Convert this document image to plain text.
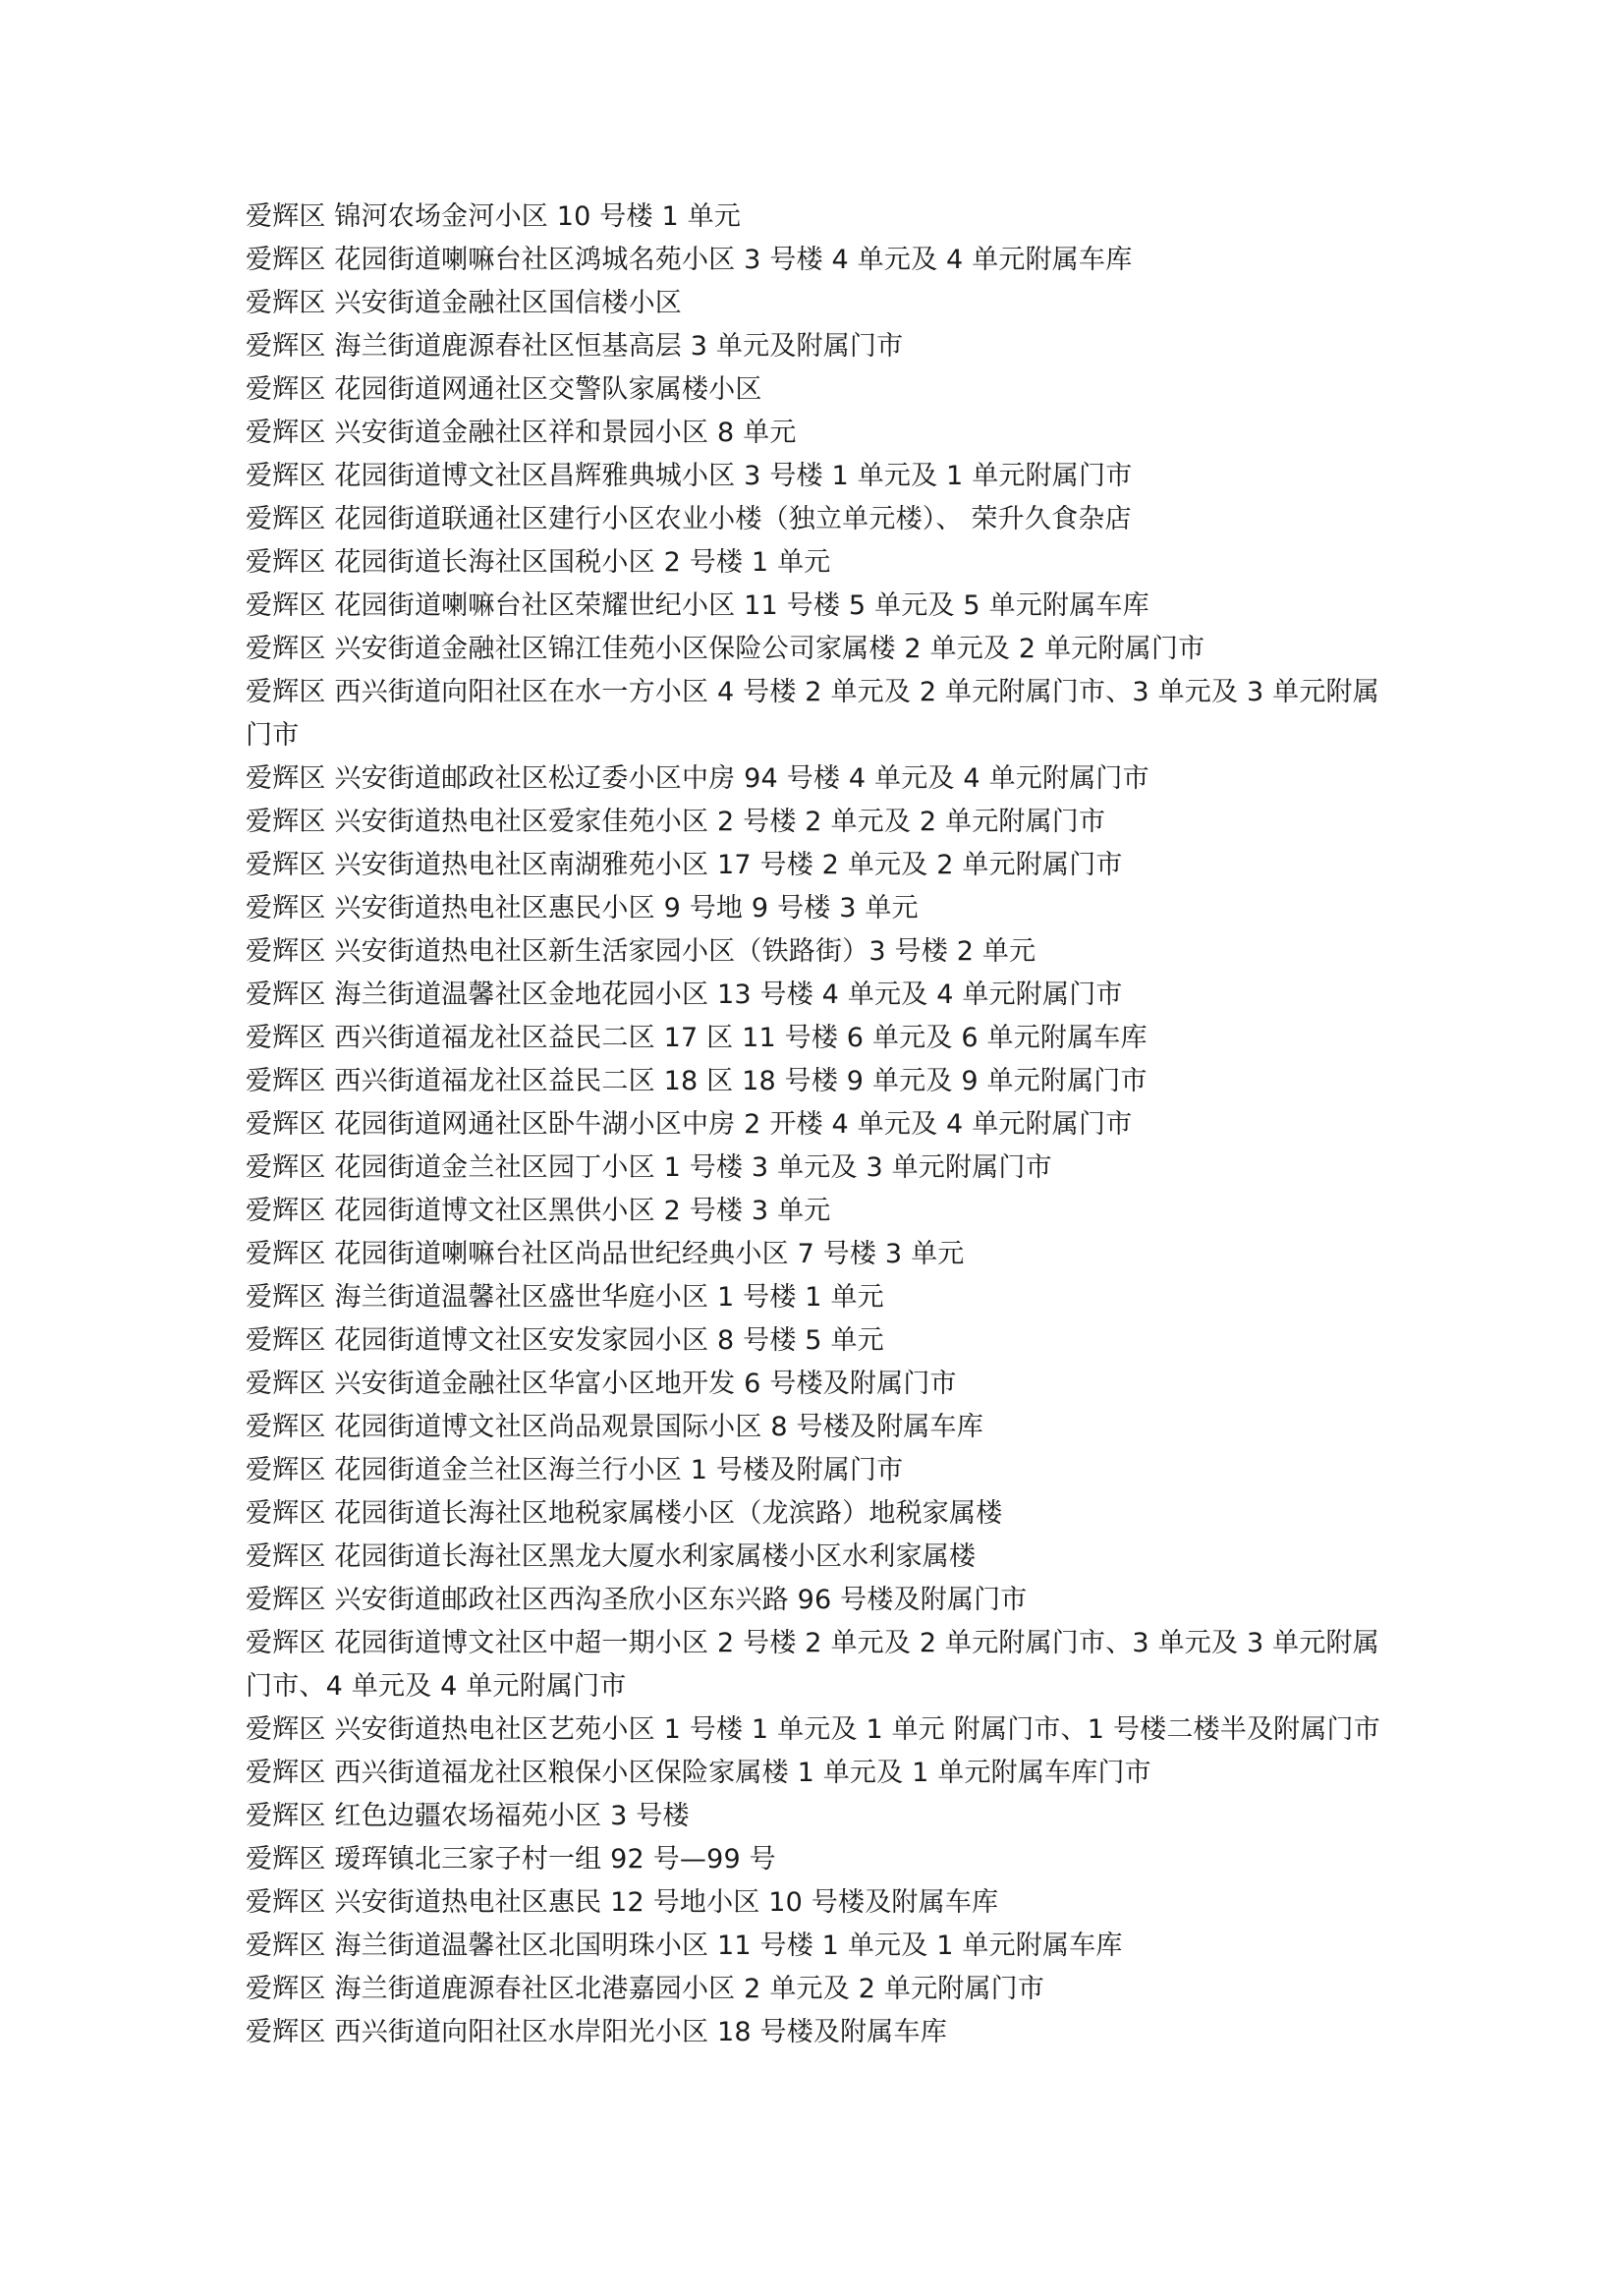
爱辉区 锦河农场金河小区 10 号楼 1 单元

爱辉区 花园街道喇嘛台社区鸿城名苑小区 3 号楼 4 单元及 4 单元附属车库

爱辉区 兴安街道金融社区国信楼小区

爱辉区 海兰街道鹿源春社区恒基高层 3 单元及附属门市

爱辉区 花园街道网通社区交警队家属楼小区

爱辉区 兴安街道金融社区祥和景园小区 8 单元

爱辉区 花园街道博文社区昌辉雅典城小区 3 号楼 1 单元及 1 单元附属门市

爱辉区 花园街道联通社区建行小区农业小楼（独立单元楼）、 荣升久食杂店

爱辉区 花园街道长海社区国税小区 2 号楼 1 单元

爱辉区 花园街道喇嘛台社区荣耀世纪小区 11 号楼 5 单元及 5 单元附属车库

爱辉区 兴安街道金融社区锦江佳苑小区保险公司家属楼 2 单元及 2 单元附属门市

爱辉区 西兴街道向阳社区在水一方小区 4 号楼 2 单元及 2 单元附属门市、3 单元及 3 单元附属门市

爱辉区 兴安街道邮政社区松辽委小区中房 94 号楼 4 单元及 4 单元附属门市

爱辉区 兴安街道热电社区爱家佳苑小区 2 号楼 2 单元及 2 单元附属门市

爱辉区 兴安街道热电社区南湖雅苑小区 17 号楼 2 单元及 2 单元附属门市

爱辉区 兴安街道热电社区惠民小区 9 号地 9 号楼 3 单元

爱辉区 兴安街道热电社区新生活家园小区（铁路街）3 号楼 2 单元

爱辉区 海兰街道温馨社区金地花园小区 13 号楼 4 单元及 4 单元附属门市

爱辉区 西兴街道福龙社区益民二区 17 区 11 号楼 6 单元及 6 单元附属车库

爱辉区 西兴街道福龙社区益民二区 18 区 18 号楼 9 单元及 9 单元附属门市

爱辉区 花园街道网通社区卧牛湖小区中房 2 开楼 4 单元及 4 单元附属门市

爱辉区 花园街道金兰社区园丁小区 1 号楼 3 单元及 3 单元附属门市

爱辉区 花园街道博文社区黑供小区 2 号楼 3 单元

爱辉区 花园街道喇嘛台社区尚品世纪经典小区 7 号楼 3 单元

爱辉区 海兰街道温馨社区盛世华庭小区 1 号楼 1 单元

爱辉区 花园街道博文社区安发家园小区 8 号楼 5 单元

爱辉区 兴安街道金融社区华富小区地开发 6 号楼及附属门市

爱辉区 花园街道博文社区尚品观景国际小区 8 号楼及附属车库

爱辉区 花园街道金兰社区海兰行小区 1 号楼及附属门市

爱辉区 花园街道长海社区地税家属楼小区（龙滨路）地税家属楼

爱辉区 花园街道长海社区黑龙大厦水利家属楼小区水利家属楼

爱辉区 兴安街道邮政社区西沟圣欣小区东兴路 96 号楼及附属门市

爱辉区 花园街道博文社区中超一期小区 2 号楼 2 单元及 2 单元附属门市、3 单元及 3 单元附属门市、4 单元及 4 单元附属门市

爱辉区 兴安街道热电社区艺苑小区 1 号楼 1 单元及 1 单元 附属门市、1 号楼二楼半及附属门市

爱辉区 西兴街道福龙社区粮保小区保险家属楼 1 单元及 1 单元附属车库门市

爱辉区 红色边疆农场福苑小区 3 号楼

爱辉区 瑷珲镇北三家子村一组 92 号—99 号

爱辉区 兴安街道热电社区惠民 12 号地小区 10 号楼及附属车库

爱辉区 海兰街道温馨社区北国明珠小区 11 号楼 1 单元及 1 单元附属车库

爱辉区 海兰街道鹿源春社区北港嘉园小区 2 单元及 2 单元附属门市

爱辉区 西兴街道向阳社区水岸阳光小区 18 号楼及附属车库
